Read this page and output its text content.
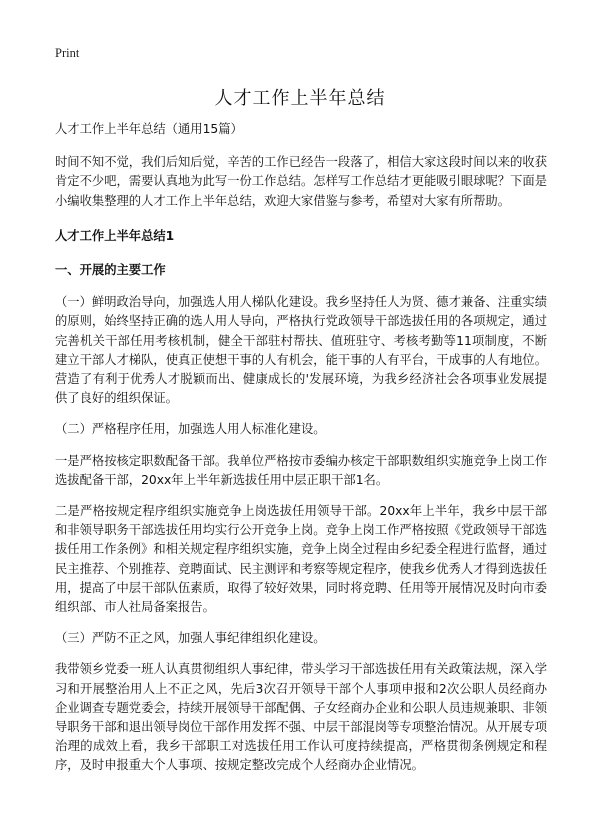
Print
人才工作上半年总结

人才工作上半年总结（通用15篇）

时间不知不觉，我们后知后觉，辛苦的工作已经告一段落了，相信大家这段时间以来的收获肯定不少吧，需要认真地为此写一份工作总结。怎样写工作总结才更能吸引眼球呢？下面是小编收集整理的人才工作上半年总结，欢迎大家借鉴与参考，希望对大家有所帮助。

人才工作上半年总结1

一、开展的主要工作

（一）鲜明政治导向，加强选人用人梯队化建设。我乡坚持任人为贤、德才兼备、注重实绩的原则，始终坚持正确的选人用人导向，严格执行党政领导干部选拔任用的各项规定，通过完善机关干部任用考核机制，健全干部驻村帮扶、值班驻守、考核考勤等11项制度，不断建立干部人才梯队，使真正使想干事的人有机会，能干事的人有平台，干成事的人有地位。营造了有利于优秀人才脱颖而出、健康成长的'发展环境，为我乡经济社会各项事业发展提供了良好的组织保证。

（二）严格程序任用，加强选人用人标准化建设。

一是严格按核定职数配备干部。我单位严格按市委编办核定干部职数组织实施竞争上岗工作选拔配备干部，20xx年上半年新选拔任用中层正职干部1名。

二是严格按规定程序组织实施竞争上岗选拔任用领导干部。20xx年上半年，我乡中层干部和非领导职务干部选拔任用均实行公开竞争上岗。竞争上岗工作严格按照《党政领导干部选拔任用工作条例》和相关规定程序组织实施，竞争上岗全过程由乡纪委全程进行监督，通过民主推荐、个别推荐、竞聘面试、民主测评和考察等规定程序，使我乡优秀人才得到选拔任用，提高了中层干部队伍素质，取得了较好效果，同时将竞聘、任用等开展情况及时向市委组织部、市人社局备案报告。

（三）严防不正之风，加强人事纪律组织化建设。

我带领乡党委一班人认真贯彻组织人事纪律，带头学习干部选拔任用有关政策法规，深入学习和开展整治用人上不正之风，先后3次召开领导干部个人事项申报和2次公职人员经商办企业调查专题党委会，持续开展领导干部配偶、子女经商办企业和公职人员违规兼职、非领导职务干部和退出领导岗位干部作用发挥不强、中层干部混岗等专项整治情况。从开展专项治理的成效上看，我乡干部职工对选拔任用工作认可度持续提高，严格贯彻条例规定和程序，及时申报重大个人事项、按规定整改完成个人经商办企业情况。
